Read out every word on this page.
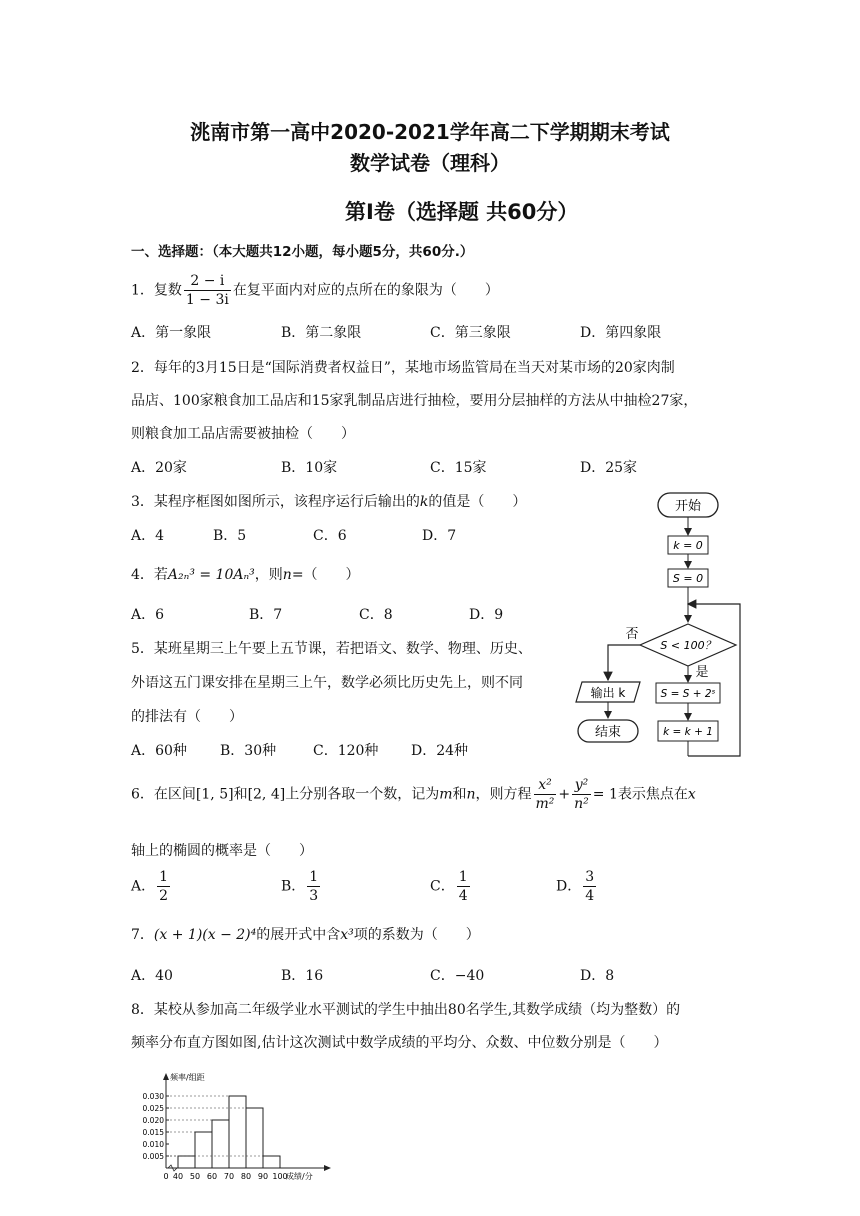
洮南市第一高中2020-2021学年高二下学期期末考试
数学试卷（理科）
第Ⅰ卷（选择题 共60分）
一、选择题：（本大题共12小题，每小题5分，共60分.）
1．复数 $\frac{2 - i}{1 - 3i}$ 在复平面内对应的点所在的象限为（　　）
A．第一象限	B．第二象限	C．第三象限	D．第四象限
2．每年的3月15日是“国际消费者权益日”，某地市场监管局在当天对某市场的20家肉制
品店、100家粮食加工品店和15家乳制品店进行抽检，要用分层抽样的方法从中抽检27家，
则粮食加工品店需要被抽检（　　）
A．20家	B．10家	C．15家	D．25家
3．某程序框图如图所示，该程序运行后输出的k的值是（　　）
A．4	B．5	C．6	D．7
4．若A₂ₙ³ = 10Aₙ³，则n=（　　）
A．6	B．7	C．8	D．9
5．某班星期三上午要上五节课，若把语文、数学、物理、历史、
外语这五门课安排在星期三上午，数学必须比历史先上，则不同
的排法有（　　）
A．60种 B．30种	C．120种 D．24种
开始
k = 0
S = 0
S < 100？
否
输出 k
结束
是
S = S + 2ˢ
k = k + 1
6．在区间[1, 5]和[2, 4]上分别各取一个数，记为m和n，则方程 $\frac{\text{x²}}{\text{m²}} + \frac{\text{y²}}{\text{n²}} = 1$表示焦点在x
轴上的椭圆的概率是（　　）
A． $\frac{1}{2}$	B． $\frac{1}{3}$	C． $\frac{1}{4}$	D． $\frac{3}{4}$
7．(x + 1)(x − 2)⁴的展开式中含x³项的系数为（　　）
A．40	B．16	C．−40	D．8
8．某校从参加高二年级学业水平测试的学生中抽出80名学生,其数学成绩（均为整数）的
频率分布直方图如图,估计这次测试中数学成绩的平均分、众数、中位数分别是（　　）
频率/组距
成绩/分
0.005
0.010
0.015
0.020
0.025
0.030
0 40 50 60 70 80 90 100
